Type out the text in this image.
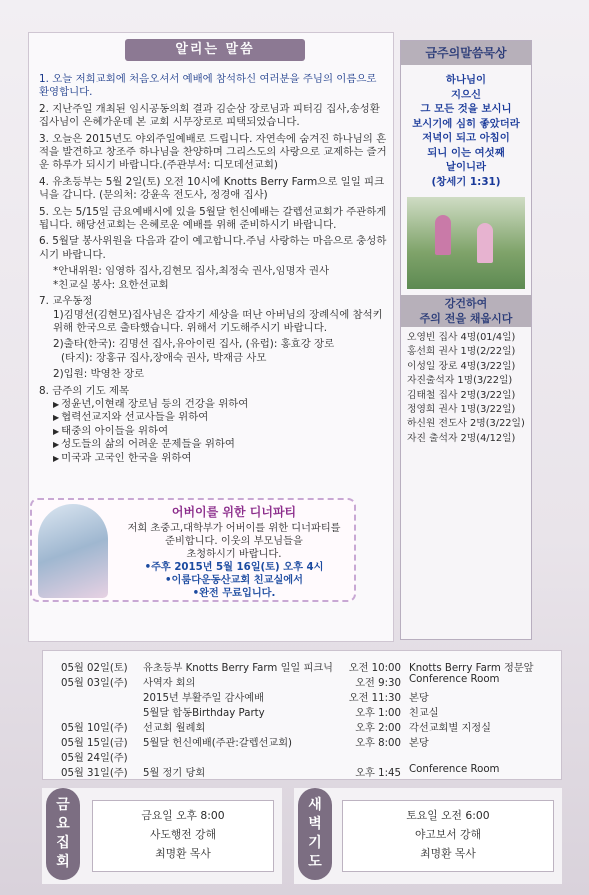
알리는 말씀

1. 오늘 저희교회에 처음오셔서 예배에 참석하신 여러분을 주님의 이름으로 환영합니다.

2. 지난주일 개최된 임시공동의회 결과 김순삼 장로님과 피터김 집사,송성환 집사님이 은혜가운데 본 교회 시무장로로 피택되었습니다.

3. 오늘은 2015년도 야외주일예배로 드립니다. 자연속에 숨겨진 하나님의 흔적을 발견하고 창조주 하나님을 찬양하며 그리스도의 사랑으로 교제하는 즐거운 하루가 되시기 바랍니다.(주관부서: 디모데선교회)

4. 유초등부는 5월 2일(토) 오전 10시에 Knotts Berry Farm으로 일일 피크닉을 갑니다. (문의처: 강윤옥 전도사, 정경애 집사)

5. 오는 5/15일 금요예배시에 있을 5월달 헌신예배는 갈렙선교회가 주관하게 됩니다. 해당선교회는 은혜로운 예배를 위해 준비하시기 바랍니다.

6. 5월달 봉사위원을 다음과 같이 예고합니다.주님 사랑하는 마음으로 충성하시기 바랍니다.

*안내위원: 임영하 집사,김현모 집사,최정숙 권사,임명자 권사

*친교실 봉사: 요한선교회

7. 교우동정

1)김명선(김현모)집사님은 갑자기 세상을 떠난 아버님의 장례식에 참석키 위해 한국으로 출타했습니다. 위해서 기도해주시기 바랍니다.

2)출타(한국): 김명선 집사,유아이린 집사, (유럽): 홍효강 장로

(타지): 장홍규 집사,장애숙 권사, 박재금 사모

2)입원: 박영찬 장로

8. 금주의 기도 제목
▶ 정윤년,이현래 장로님 등의 건강을 위하여
▶ 협력선교지와 선교사들을 위하여
▶ 태중의 아이들을 위하여
▶ 성도들의 삶의 어려운 문제들을 위하여
▶ 미국과 고국인 한국을 위하여
어버이를 위한 디너파티
저희 초중고,대학부가 어버이를 위한 디너파티를
준비합니다. 이웃의 부모님들을
초청하시기 바랍니다.
•주후 2015년 5월 16일(토) 오후 4시
•이룸다운동산교회 친교실에서
•완전 무료입니다.
금주의말씀묵상
하나님이
지으신
그 모든 것을 보시니
보시기에 심히 좋았더라
저녁이 되고 아침이
되니 이는 여섯째
날이니라
(창세기 1:31)
강건하여
주의 전을 채웁시다
오영빈 집사 4명(01/4일)
홍선희 권사 1명(2/22일)
이성일 장로 4명(3/22일)
자진출석자 1명(3/22일)
김태철 집사 2명(3/22일)
정영희 권사 1명(3/22일)
하신원 전도사 2명(3/22일)
자진 출석자 2명(4/12일)
05월 02일(토)	유초등부 Knotts Berry Farm 일일 피크닉	오전 10:00	Knotts Berry Farm 정문앞
05월 03일(주)	사역자 회의	오전 9:30	Conference Room
	2015년 부활주일 감사예배	오전 11:30	본당
	5월달 합동Birthday Party	오후 1:00	친교실
05월 10일(주)	선교회 월례회	오후 2:00	각선교회별 지정실
05월 15일(금)	5월달 헌신예배(주관:갈렙선교회)	오후 8:00	본당
05월 24일(주)			
05월 31일(주)	5월 정기 당회	오후 1:45	Conference Room
금요집회
금요일 오후 8:00
사도행전 강해
최명환 목사
새벽기도
토요일 오전 6:00
야고보서 강해
최명환 목사
